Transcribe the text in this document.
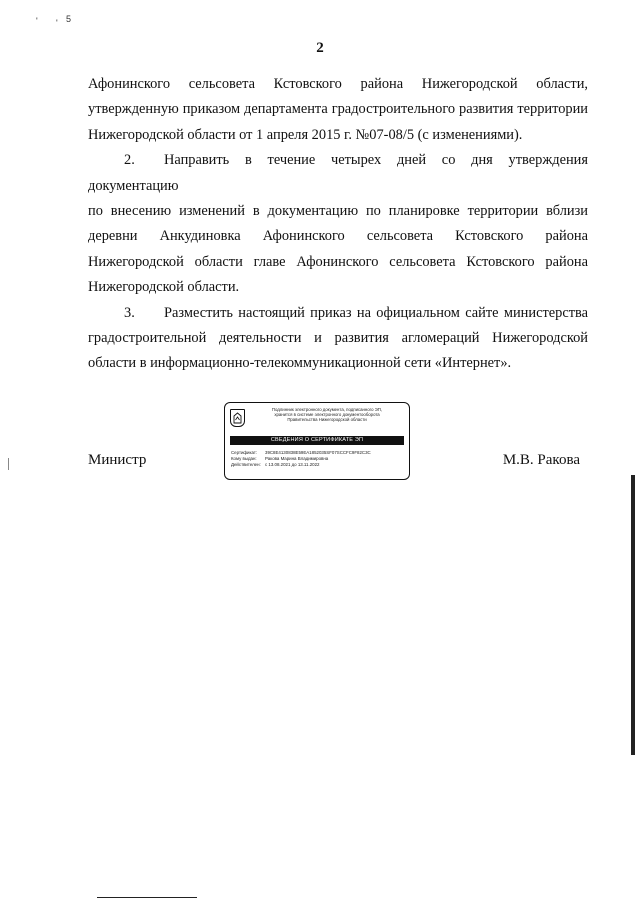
2
' ' 5

Афонинского сельсовета Кстовского района Нижегородской области,
утвержденную приказом департамента градостроительного развития территории
Нижегородской области от 1 апреля 2015 г. №07-08/5 (с изменениями).

2. Направить в течение четырех дней со дня утверждения документацию
по внесению изменений в документацию по планировке территории вблизи
деревни Анкудиновка Афонинского сельсовета Кстовского района
Нижегородской области главе Афонинского сельсовета Кстовского района
Нижегородской области.

3. Разместить настоящий приказ на официальном сайте министерства
градостроительной деятельности и развития агломераций Нижегородской
области в информационно-телекоммуникационной сети «Интернет».

Министр
Подлинник электронного документа, подписанного ЭП,
хранится в системе электронного документооборота
Правительства Нижегородской области
СВЕДЕНИЯ О СЕРТИФИКАТЕ ЭП
Сертификат: 39C8E4130838E59EA1852035SF07SCCFC9F82C3C
Кому выдан: Ракова Марина Владимировна
Действителен: с 13.08.2021 до 13.11.2022	М.В. Ракова
